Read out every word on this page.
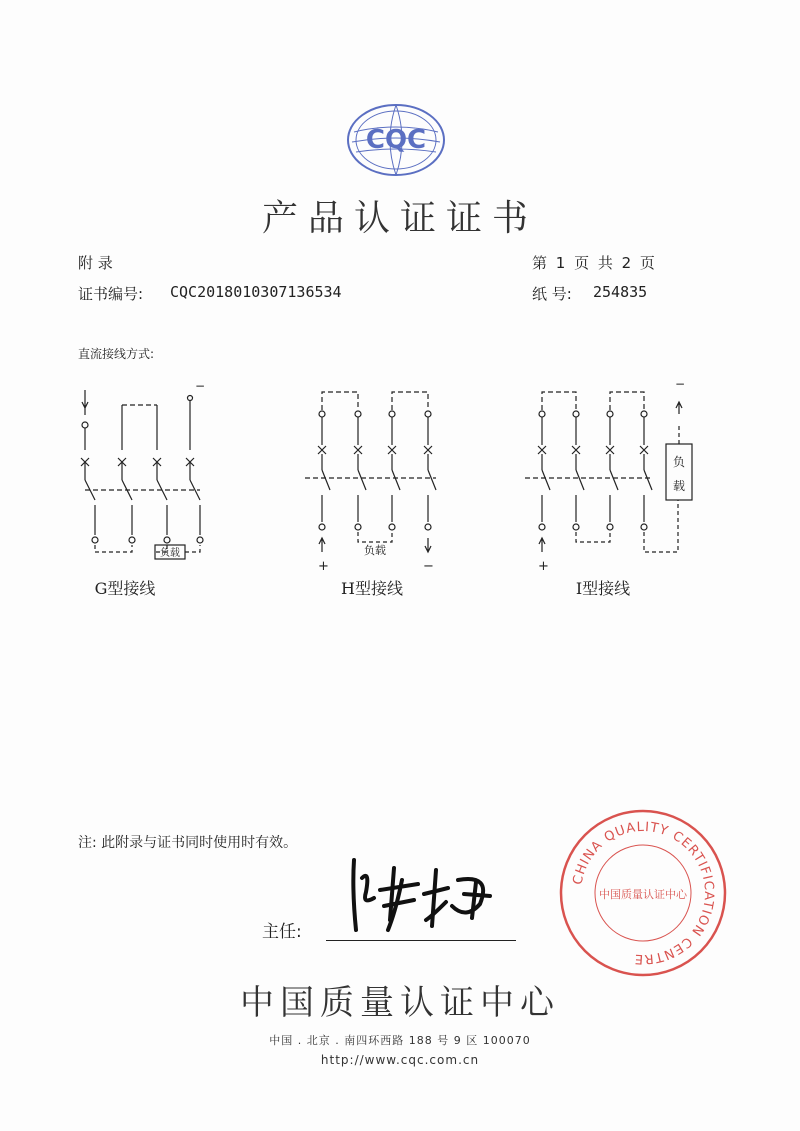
CQC
产品认证证书
附 录	第 1 页 共 2 页
证书编号: CQC2018010307136534	纸 号: 254835
直流接线方式:
−
负载
G型接线
负载
+	−
H型接线
−
负
载
+
I型接线
注: 此附录与证书同时使用时有效。
CHINA QUALITY CERTIFICATION CENTRE
中国质量认证中心
主任:
中国质量认证中心
中国 . 北京 . 南四环西路 188 号 9 区 100070
http://www.cqc.com.cn
